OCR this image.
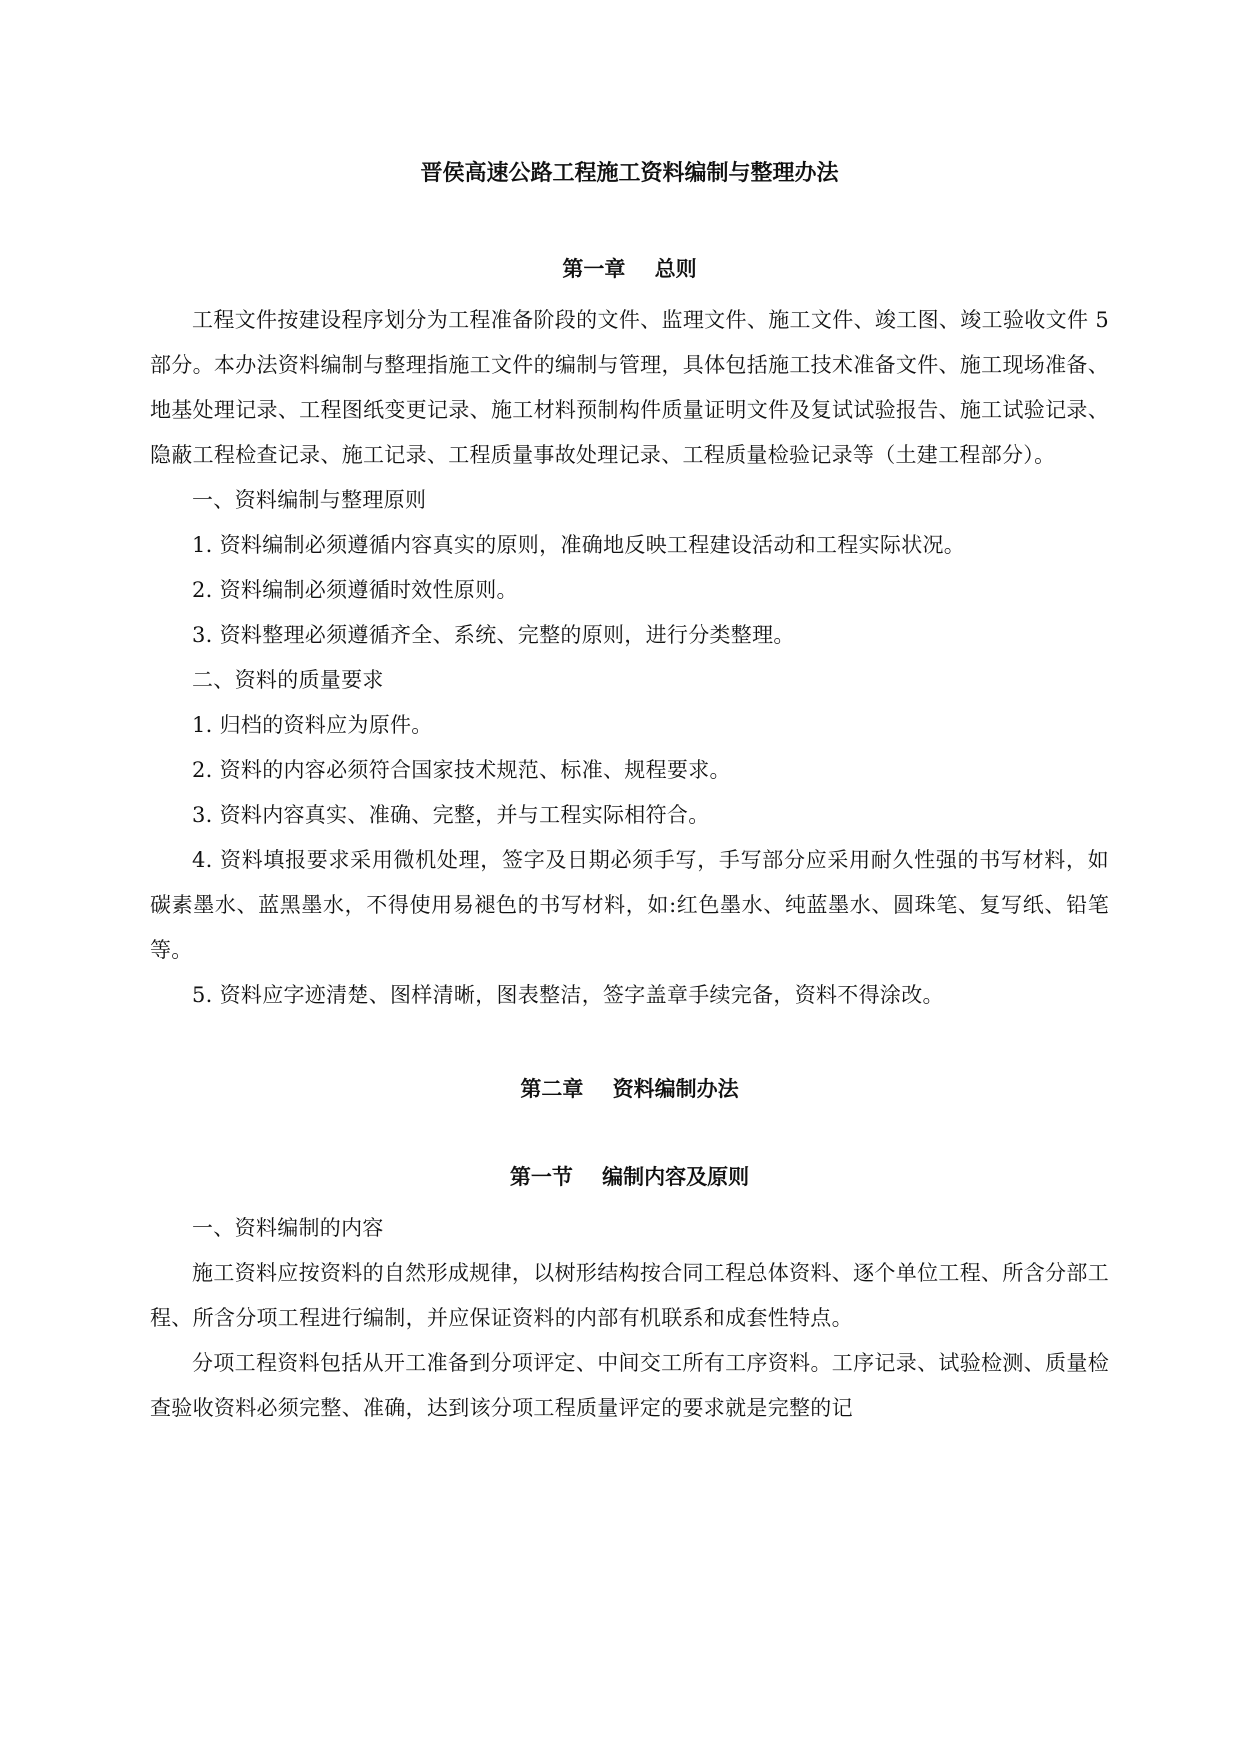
晋侯高速公路工程施工资料编制与整理办法
第一章    总则

工程文件按建设程序划分为工程准备阶段的文件、监理文件、施工文件、竣工图、竣工验收文件 5 部分。本办法资料编制与整理指施工文件的编制与管理，具体包括施工技术准备文件、施工现场准备、地基处理记录、工程图纸变更记录、施工材料预制构件质量证明文件及复试试验报告、施工试验记录、隐蔽工程检查记录、施工记录、工程质量事故处理记录、工程质量检验记录等（土建工程部分）。

一、资料编制与整理原则

1. 资料编制必须遵循内容真实的原则，准确地反映工程建设活动和工程实际状况。

2. 资料编制必须遵循时效性原则。

3. 资料整理必须遵循齐全、系统、完整的原则，进行分类整理。

二、资料的质量要求

1. 归档的资料应为原件。

2. 资料的内容必须符合国家技术规范、标准、规程要求。

3. 资料内容真实、准确、完整，并与工程实际相符合。

4. 资料填报要求采用微机处理，签字及日期必须手写，手写部分应采用耐久性强的书写材料，如碳素墨水、蓝黑墨水，不得使用易褪色的书写材料，如:红色墨水、纯蓝墨水、圆珠笔、复写纸、铅笔等。

5. 资料应字迹清楚、图样清晰，图表整洁，签字盖章手续完备，资料不得涂改。

第二章    资料编制办法
第一节    编制内容及原则

一、资料编制的内容

施工资料应按资料的自然形成规律，以树形结构按合同工程总体资料、逐个单位工程、所含分部工程、所含分项工程进行编制，并应保证资料的内部有机联系和成套性特点。

分项工程资料包括从开工准备到分项评定、中间交工所有工序资料。工序记录、试验检测、质量检查验收资料必须完整、准确，达到该分项工程质量评定的要求就是完整的记
